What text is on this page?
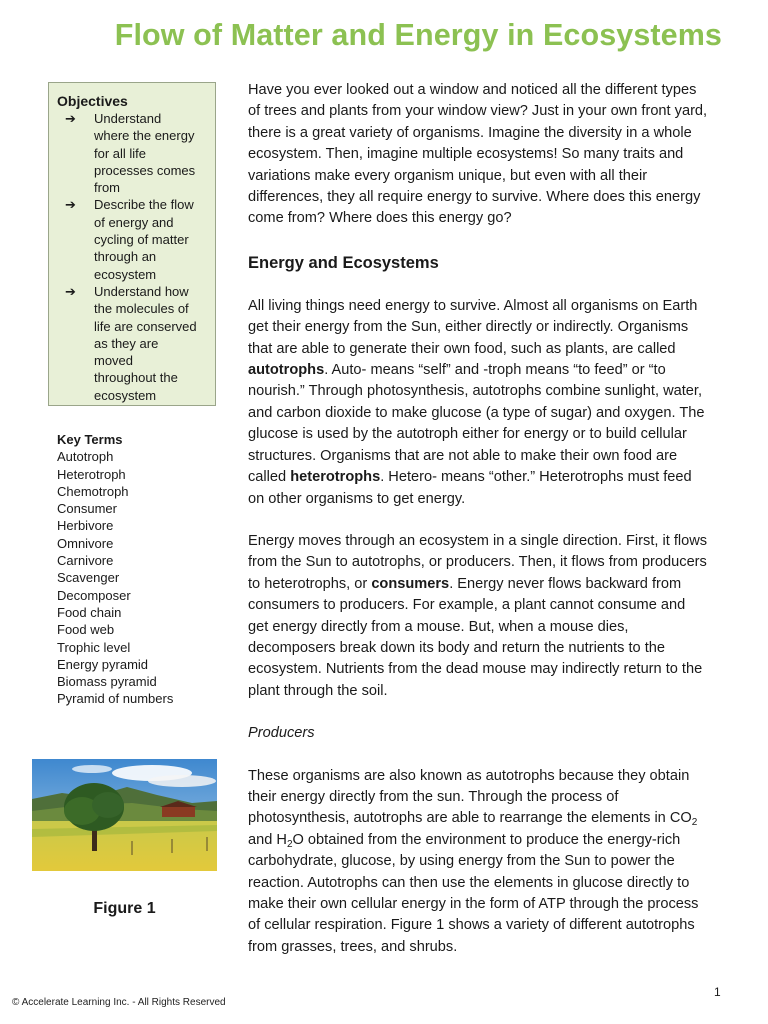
Flow of Matter and Energy in Ecosystems
Objectives
➔	Understand
where the energy
for all life
processes comes
from
➔	Describe the flow
of energy and
cycling of matter
through an
ecosystem
➔	Understand how
the molecules of
life are conserved
as they are
moved
throughout the
ecosystem
Key Terms
Autotroph
Heterotroph
Chemotroph
Consumer
Herbivore
Omnivore
Carnivore
Scavenger
Decomposer
Food chain
Food web
Trophic level
Energy pyramid
Biomass pyramid
Pyramid of numbers
Figure 1

Have you ever looked out a window and noticed all the different types
of trees and plants from your window view? Just in your own front yard,
there is a great variety of organisms. Imagine the diversity in a whole
ecosystem. Then, imagine multiple ecosystems! So many traits and
variations make every organism unique, but even with all their
differences, they all require energy to survive. Where does this energy
come from? Where does this energy go?

Energy and Ecosystems

All living things need energy to survive. Almost all organisms on Earth
get their energy from the Sun, either directly or indirectly. Organisms
that are able to generate their own food, such as plants, are called
autotrophs. Auto- means “self” and -troph means “to feed” or “to
nourish.” Through photosynthesis, autotrophs combine sunlight, water,
and carbon dioxide to make glucose (a type of sugar) and oxygen. The
glucose is used by the autotroph either for energy or to build cellular
structures. Organisms that are not able to make their own food are
called heterotrophs. Hetero- means “other.” Heterotrophs must feed
on other organisms to get energy.

Energy moves through an ecosystem in a single direction. First, it flows
from the Sun to autotrophs, or producers. Then, it flows from producers
to heterotrophs, or consumers. Energy never flows backward from
consumers to producers. For example, a plant cannot consume and
get energy directly from a mouse. But, when a mouse dies,
decomposers break down its body and return the nutrients to the
ecosystem. Nutrients from the dead mouse may indirectly return to the
plant through the soil.

Producers

These organisms are also known as autotrophs because they obtain
their energy directly from the sun. Through the process of
photosynthesis, autotrophs are able to rearrange the elements in $CO_2$
and $H_2O$ obtained from the environment to produce the energy-rich
carbohydrate, glucose, by using energy from the Sun to power the
reaction. Autotrophs can then use the elements in glucose directly to
make their own cellular energy in the form of ATP through the process
of cellular respiration. Figure 1 shows a variety of different autotrophs
from grasses, trees, and shrubs.

© Accelerate Learning Inc. - All Rights Reserved
1
